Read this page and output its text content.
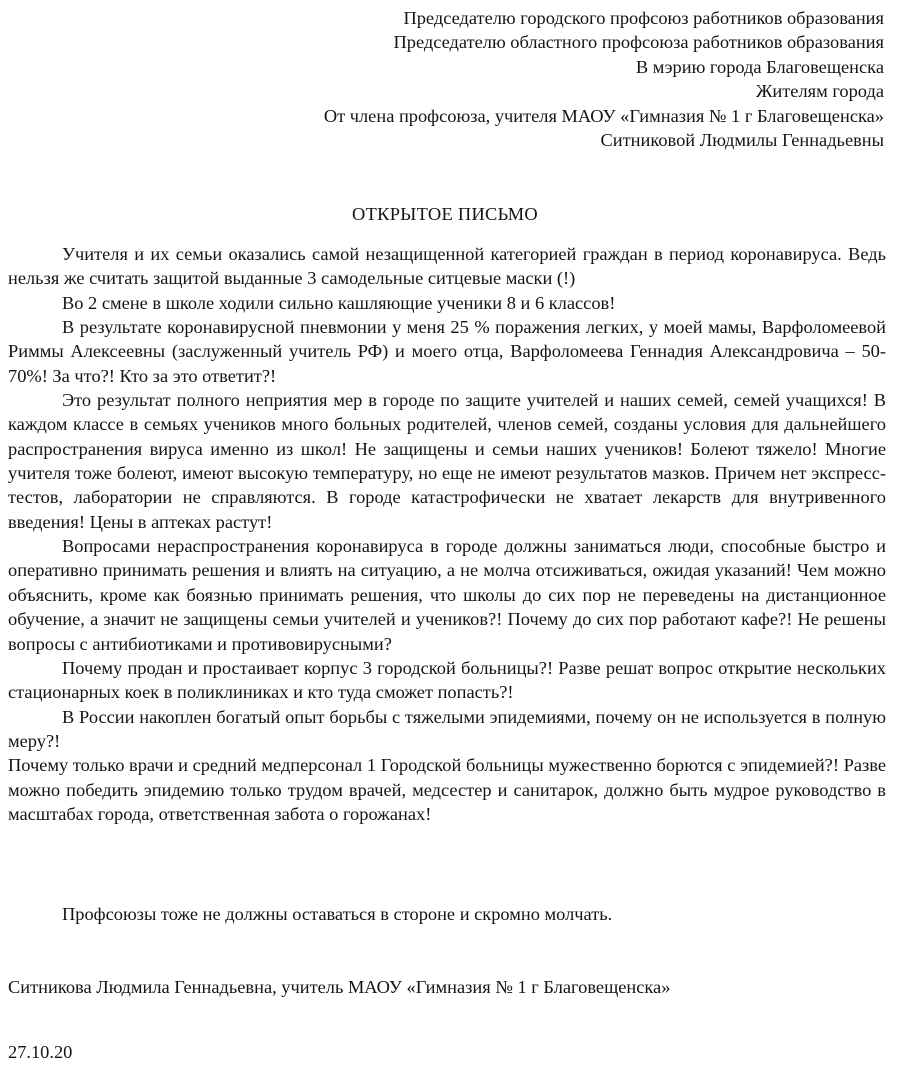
Председателю городского профсоюз работников образования
Председателю областного профсоюза работников образования
В мэрию города Благовещенска
Жителям города
От члена профсоюза, учителя МАОУ «Гимназия № 1 г Благовещенска»
Ситниковой Людмилы Геннадьевны
ОТКРЫТОЕ ПИСЬМО

Учителя и их семьи оказались самой незащищенной категорией граждан в период коронавируса. Ведь нельзя же считать защитой выданные 3 самодельные ситцевые маски (!)

Во 2 смене в школе ходили сильно кашляющие ученики 8 и 6 классов!

В результате коронавирусной пневмонии у меня 25 % поражения легких, у моей мамы, Варфоломеевой Риммы Алексеевны (заслуженный учитель РФ) и моего отца, Варфоломеева Геннадия Александровича – 50-70%! За что?! Кто за это ответит?!

Это результат полного неприятия мер в городе по защите учителей и наших семей, семей учащихся! В каждом классе в семьях учеников много больных родителей, членов семей, созданы условия для дальнейшего распространения вируса именно из школ! Не защищены и семьи наших учеников! Болеют тяжело! Многие учителя тоже болеют, имеют высокую температуру, но еще не имеют результатов мазков. Причем нет экспресс-тестов, лаборатории не справляются. В городе катастрофически не хватает лекарств для внутривенного введения! Цены в аптеках растут!

Вопросами нераспространения коронавируса в городе должны заниматься люди, способные быстро и оперативно принимать решения и влиять на ситуацию, а не молча отсиживаться, ожидая указаний! Чем можно объяснить, кроме как боязнью принимать решения, что школы до сих пор не переведены на дистанционное обучение, а значит не защищены семьи учителей и учеников?! Почему до сих пор работают кафе?! Не решены вопросы с антибиотиками и противовирусными?

Почему продан и простаивает корпус 3 городской больницы?! Разве решат вопрос открытие нескольких стационарных коек в поликлиниках и кто туда сможет попасть?!

В России накоплен богатый опыт борьбы с тяжелыми эпидемиями, почему он не используется в полную меру?!

Почему только врачи и средний медперсонал 1 Городской больницы мужественно борются с эпидемией?! Разве можно победить эпидемию только трудом врачей, медсестер и санитарок, должно быть мудрое руководство в масштабах города, ответственная забота о горожанах!

Профсоюзы тоже не должны оставаться в стороне и скромно молчать.
Ситникова Людмила Геннадьевна, учитель МАОУ «Гимназия № 1 г Благовещенска»
27.10.20
